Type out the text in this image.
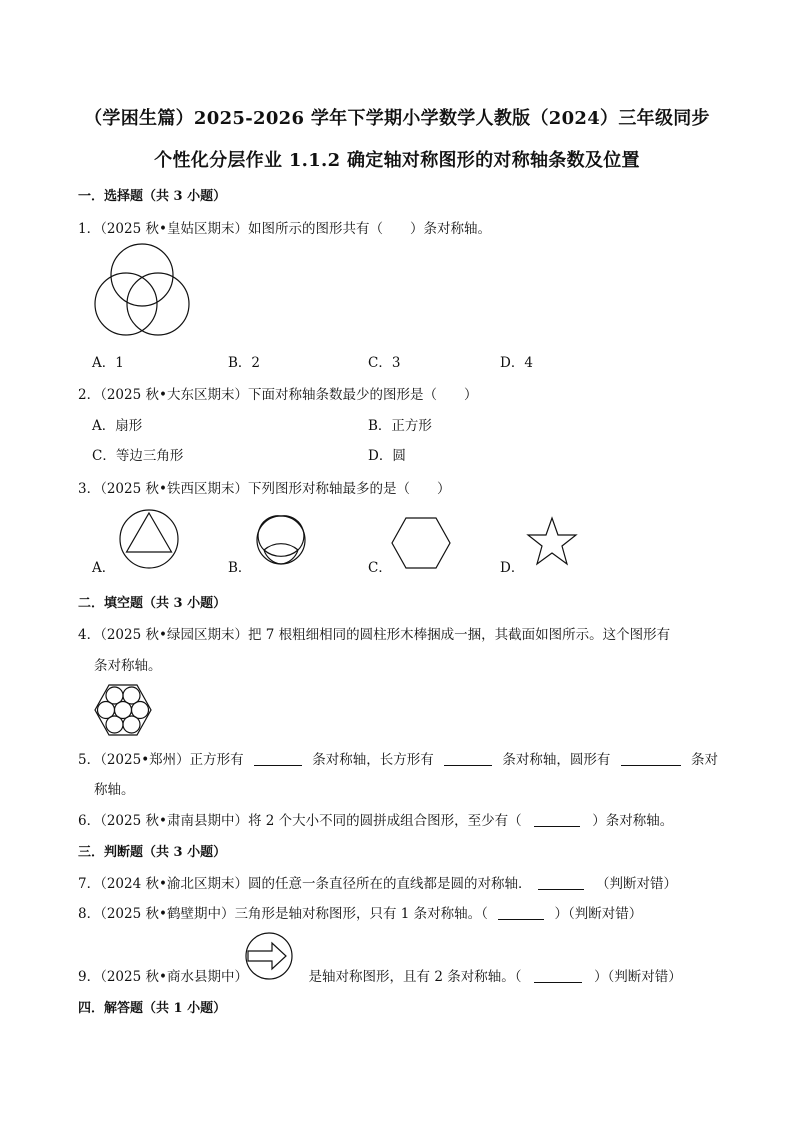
（学困生篇）2025-2026 学年下学期小学数学人教版（2024）三年级同步
个性化分层作业 1.1.2 确定轴对称图形的对称轴条数及位置
一．选择题（共 3 小题）
1．（2025 秋•皇姑区期末）如图所示的图形共有（　　）条对称轴。
A．1	B．2	C．3	D．4
2．（2025 秋•大东区期末）下面对称轴条数最少的图形是（　　）
A．扇形	B．正方形
C．等边三角形	D．圆
3．（2025 秋•铁西区期末）下列图形对称轴最多的是（　　）
A．	B．	C．	D．
二．填空题（共 3 小题）
4．（2025 秋•绿园区期末）把 7 根粗细相同的圆柱形木棒捆成一捆，其截面如图所示。这个图形有
条对称轴。
5．（2025•郑州）正方形有	条对称轴，长方形有	条对称轴，圆形有	条对
称轴。
6．（2025 秋•肃南县期中）将 2 个大小不同的圆拼成组合图形，至少有（	）条对称轴。
三．判断题（共 3 小题）
7．（2024 秋•渝北区期末）圆的任意一条直径所在的直线都是圆的对称轴．	（判断对错）
8．（2025 秋•鹤壁期中）三角形是轴对称图形，只有 1 条对称轴。（	）（判断对错）
9．（2025 秋•商水县期中）	是轴对称图形，且有 2 条对称轴。（	）（判断对错）
四．解答题（共 1 小题）
